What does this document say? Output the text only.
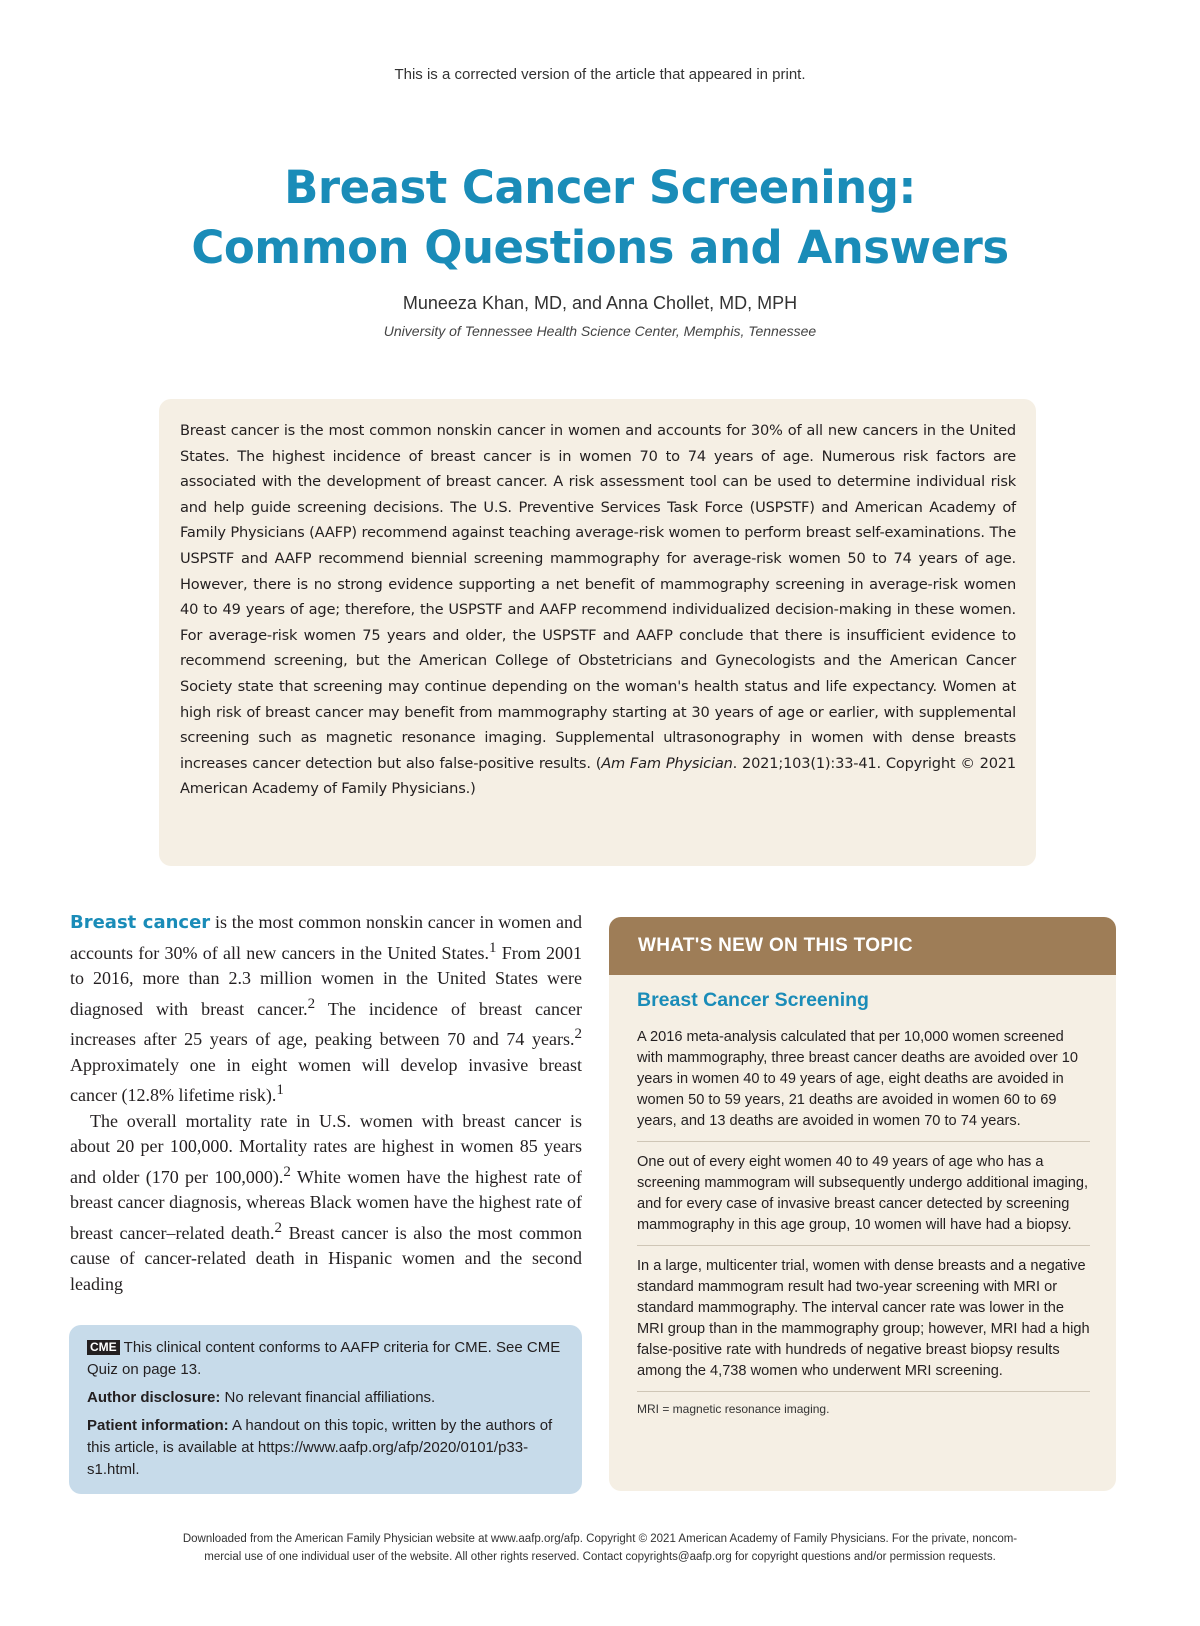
This is a corrected version of the article that appeared in print.
Breast Cancer Screening:
Common Questions and Answers
Muneeza Khan, MD, and Anna Chollet, MD, MPH
University of Tennessee Health Science Center, Memphis, Tennessee
Breast cancer is the most common nonskin cancer in women and accounts for 30% of all new cancers in the United States. The highest incidence of breast cancer is in women 70 to 74 years of age. Numerous risk factors are associated with the development of breast cancer. A risk assessment tool can be used to determine individual risk and help guide screening decisions. The U.S. Preventive Services Task Force (USPSTF) and American Academy of Family Physicians (AAFP) recommend against teaching average-risk women to perform breast self-examinations. The USPSTF and AAFP recommend biennial screening mammography for average-risk women 50 to 74 years of age. However, there is no strong evidence supporting a net benefit of mammography screening in average-risk women 40 to 49 years of age; therefore, the USPSTF and AAFP recommend individualized decision-making in these women. For average-risk women 75 years and older, the USPSTF and AAFP conclude that there is insufficient evidence to recommend screening, but the American College of Obstetricians and Gynecologists and the American Cancer Society state that screening may continue depending on the woman's health status and life expectancy. Women at high risk of breast cancer may benefit from mammography starting at 30 years of age or earlier, with supplemental screening such as magnetic resonance imaging. Supplemental ultrasonography in women with dense breasts increases cancer detection but also false-positive results. (Am Fam Physician. 2021;103(1):33-41. Copyright © 2021 American Academy of Family Physicians.)

Breast cancer is the most common nonskin cancer in women and accounts for 30% of all new cancers in the United States.$^1$ From 2001 to 2016, more than 2.3 million women in the United States were diagnosed with breast cancer.$^2$ The incidence of breast cancer increases after 25 years of age, peaking between 70 and 74 years.$^2$ Approximately one in eight women will develop invasive breast cancer (12.8% lifetime risk).$^1$

The overall mortality rate in U.S. women with breast cancer is about 20 per 100,000. Mortality rates are highest in women 85 years and older (170 per 100,000).$^2$ White women have the highest rate of breast cancer diagnosis, whereas Black women have the highest rate of breast cancer–related death.$^2$ Breast cancer is also the most common cause of cancer-related death in Hispanic women and the second leading

CME This clinical content conforms to AAFP criteria for CME. See CME Quiz on page 13.

Author disclosure: No relevant financial affiliations.

Patient information: A handout on this topic, written by the authors of this article, is available at https://www.aafp.org/afp/2020/0101/p33-s1.html.

WHAT'S NEW ON THIS TOPIC
Breast Cancer Screening
A 2016 meta-analysis calculated that per 10,000 women screened with mammography, three breast cancer deaths are avoided over 10 years in women 40 to 49 years of age, eight deaths are avoided in women 50 to 59 years, 21 deaths are avoided in women 60 to 69 years, and 13 deaths are avoided in women 70 to 74 years.
One out of every eight women 40 to 49 years of age who has a screening mammogram will subsequently undergo additional imaging, and for every case of invasive breast cancer detected by screening mammography in this age group, 10 women will have had a biopsy.
In a large, multicenter trial, women with dense breasts and a negative standard mammogram result had two-year screening with MRI or standard mammography. The interval cancer rate was lower in the MRI group than in the mammography group; however, MRI had a high false-positive rate with hundreds of negative breast biopsy results among the 4,738 women who underwent MRI screening.
MRI = magnetic resonance imaging.
Downloaded from the American Family Physician website at www.aafp.org/afp. Copyright © 2021 American Academy of Family Physicians. For the private, noncom-
mercial use of one individual user of the website. All other rights reserved. Contact copyrights@aafp.org for copyright questions and/or permission requests.
